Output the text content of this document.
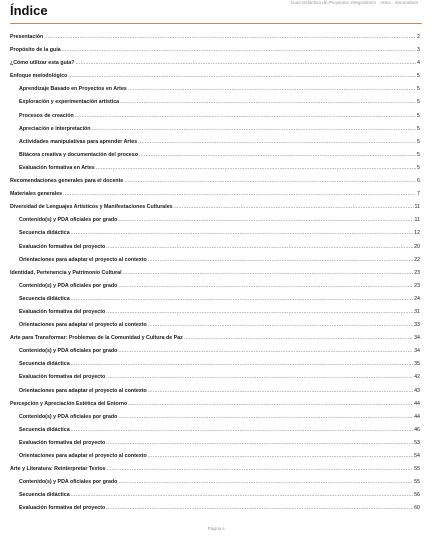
Guía Didáctica de Proyectos Integradores · Artes · Secundaria
Índice
Presentación .....	2
Propósito de la guía .....	3
¿Cómo utilizar esta guía? .....	4
Enfoque metodológico .....	5
Aprendizaje Basado en Proyectos en Artes .....	5
Exploración y experimentación artística .....	5
Procesos de creación .....	5
Apreciación e interpretación .....	5
Actividades manipulativas para aprender Artes .....	5
Bitácora creativa y documentación del proceso .....	5
Evaluación formativa en Artes .....	5
Recomendaciones generales para el docente .....	6
Materiales generales .....	7
Diversidad de Lenguajes Artísticos y Manifestaciones Culturales .....	11
Contenido(s) y PDA oficiales por grado .....	11
Secuencia didáctica .....	12
Evaluación formativa del proyecto .....	20
Orientaciones para adaptar el proyecto al contexto .....	22
Identidad, Pertenencia y Patrimonio Cultural .....	23
Contenido(s) y PDA oficiales por grado .....	23
Secuencia didáctica .....	24
Evaluación formativa del proyecto .....	31
Orientaciones para adaptar el proyecto al contexto .....	33
Arte para Transformar: Problemas de la Comunidad y Cultura de Paz .....	34
Contenido(s) y PDA oficiales por grado .....	34
Secuencia didáctica .....	35
Evaluación formativa del proyecto .....	42
Orientaciones para adaptar el proyecto al contexto .....	43
Percepción y Apreciación Estética del Entorno .....	44
Contenido(s) y PDA oficiales por grado .....	44
Secuencia didáctica .....	46
Evaluación formativa del proyecto .....	53
Orientaciones para adaptar el proyecto al contexto .....	54
Arte y Literatura: Reinterpretar Textos .....	55
Contenido(s) y PDA oficiales por grado .....	55
Secuencia didáctica .....	56
Evaluación formativa del proyecto .....	60
Página ii
